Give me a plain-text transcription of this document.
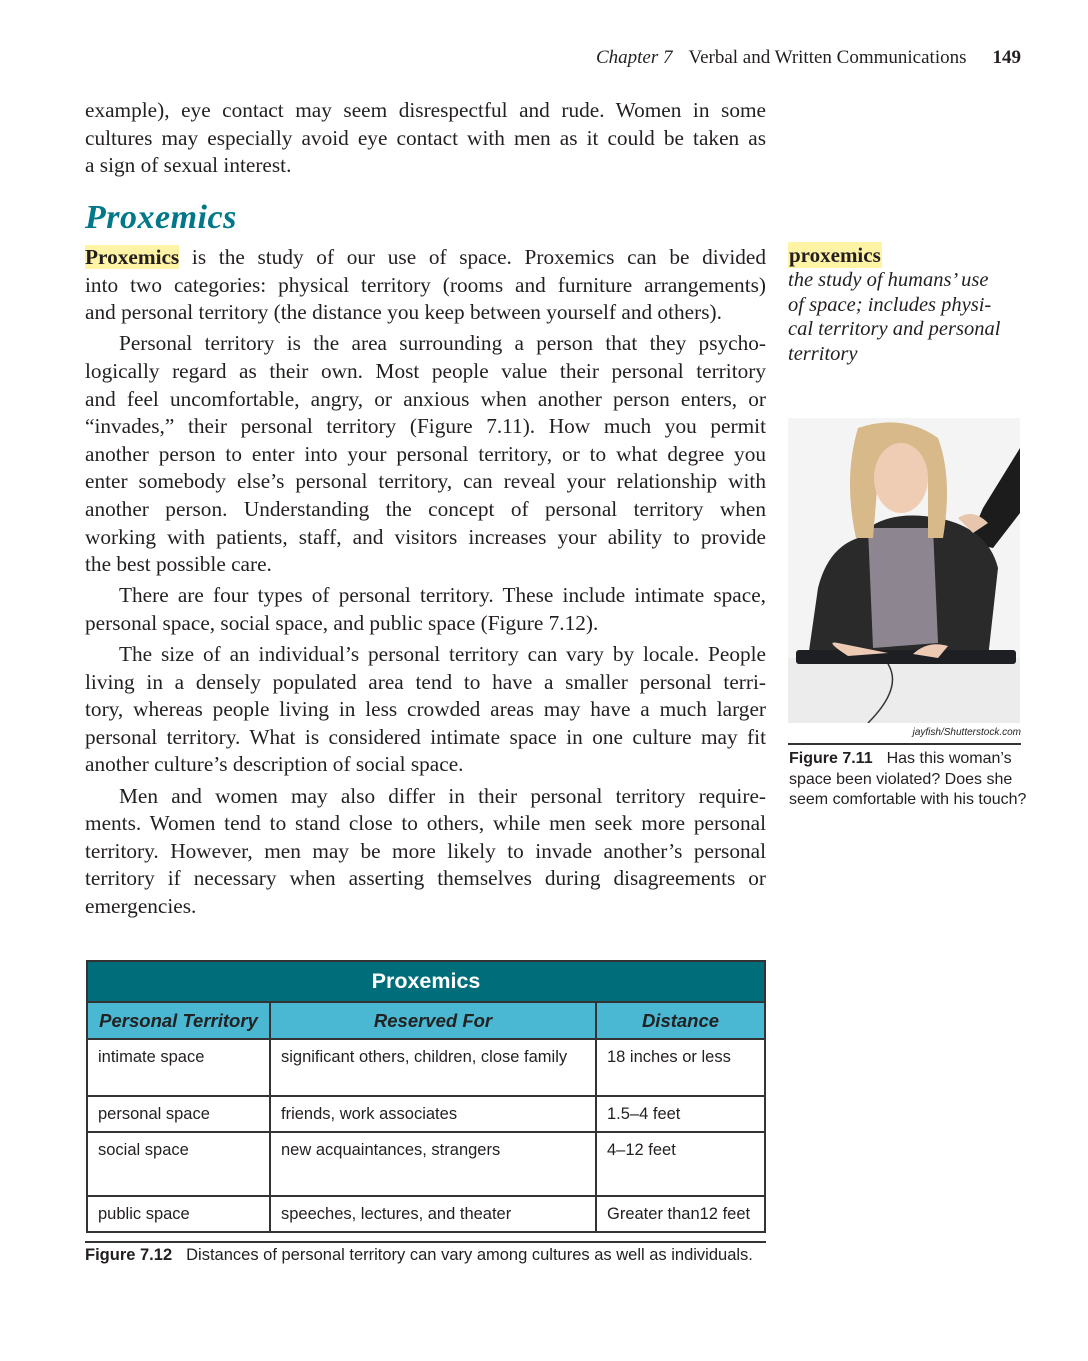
Chapter 7 Verbal and Written Communications 149
example), eye contact may seem disrespectful and rude. Women in some
cultures may especially avoid eye contact with men as it could be taken as
a sign of sexual interest.
Proxemics
Proxemics is the study of our use of space. Proxemics can be divided
into two categories: physical territory (rooms and furniture arrangements)
and personal territory (the distance you keep between yourself and others).
Personal territory is the area surrounding a person that they psycho-
logically regard as their own. Most people value their personal territory
and feel uncomfortable, angry, or anxious when another person enters, or
“invades,” their personal territory (Figure 7.11). How much you permit
another person to enter into your personal territory, or to what degree you
enter somebody else’s personal territory, can reveal your relationship with
another person. Understanding the concept of personal territory when
working with patients, staff, and visitors increases your ability to provide
the best possible care.
There are four types of personal territory. These include intimate space,
personal space, social space, and public space (Figure 7.12).
The size of an individual’s personal territory can vary by locale. People
living in a densely populated area tend to have a smaller personal terri-
tory, whereas people living in less crowded areas may have a much larger
personal territory. What is considered intimate space in one culture may fit
another culture’s description of social space.
Men and women may also differ in their personal territory require-
ments. Women tend to stand close to others, while men seek more personal
territory. However, men may be more likely to invade another’s personal
territory if necessary when asserting themselves during disagreements or
emergencies.
proxemics
the study of humans’ use
of space; includes physi-
cal territory and personal
territory
jayfish/Shutterstock.com
Figure 7.11 Has this woman’s space been violated? Does she seem comfortable with his touch?
Proxemics		
Personal Territory	Reserved For	Distance
intimate space	significant others, children, close family	18 inches or less
personal space	friends, work associates	1.5–4 feet
social space	new acquaintances, strangers	4–12 feet
public space	speeches, lectures, and theater	Greater than12 feet
Figure 7.12 Distances of personal territory can vary among cultures as well as individuals.
